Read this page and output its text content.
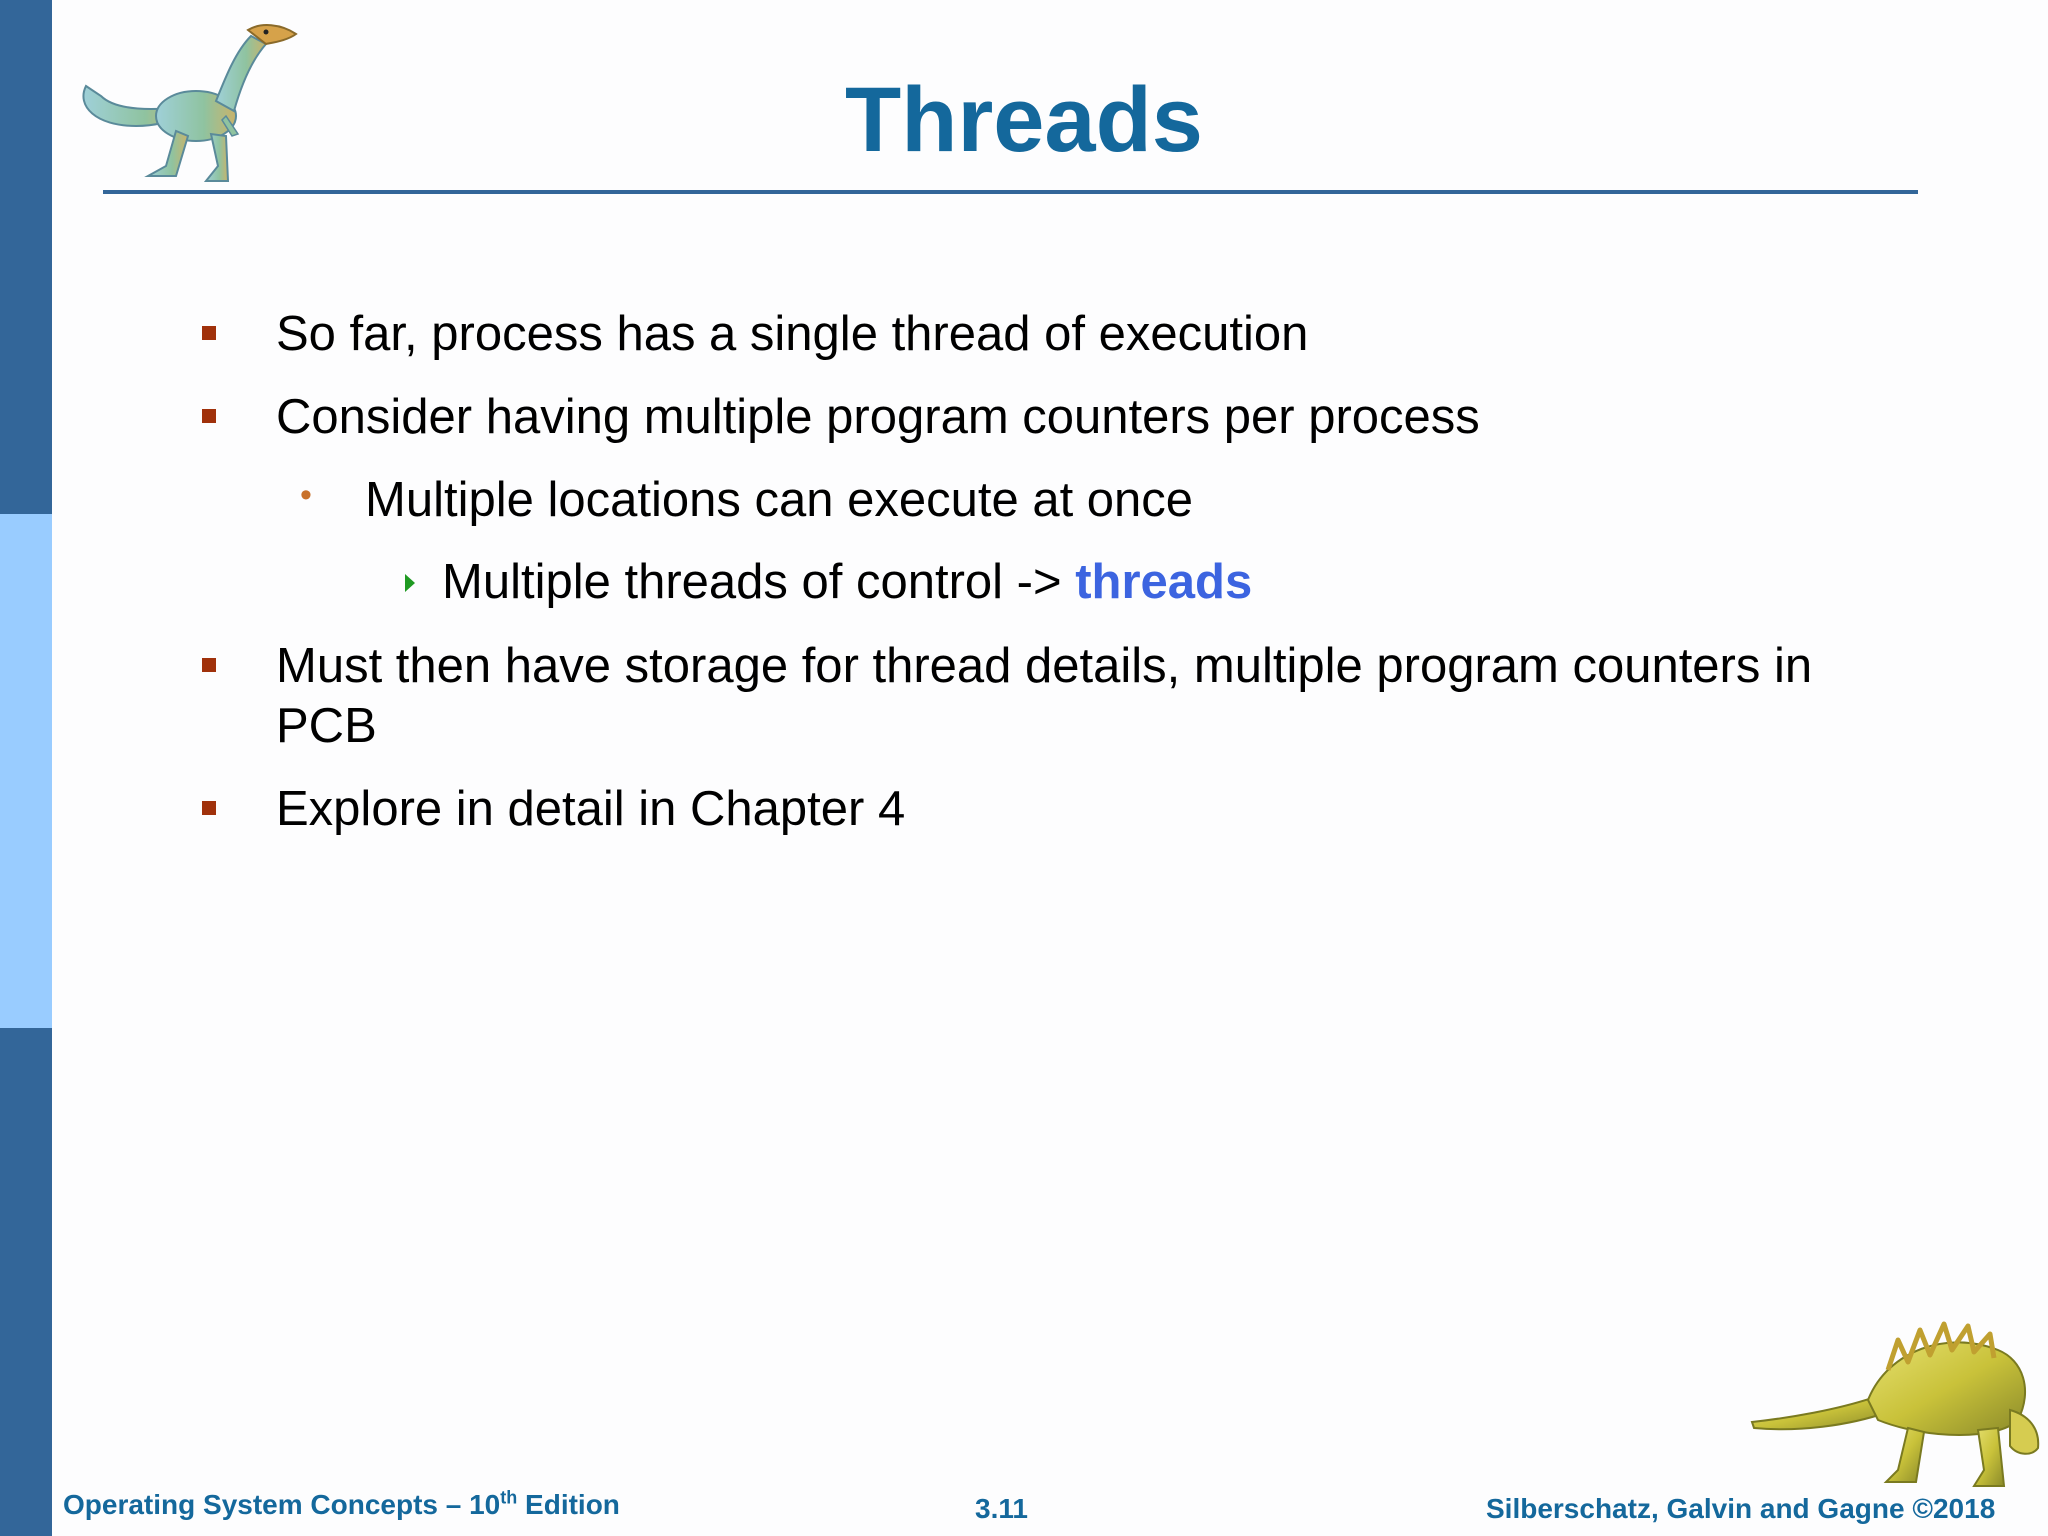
Threads
So far, process has a single thread of execution
Consider having multiple program counters per process
• Multiple locations can execute at once
Multiple threads of control -> threads
Must then have storage for thread details, multiple program counters in
PCB
Explore in detail in Chapter 4
Operating System Concepts – 10th Edition	3.11	Silberschatz, Galvin and Gagne ©2018
